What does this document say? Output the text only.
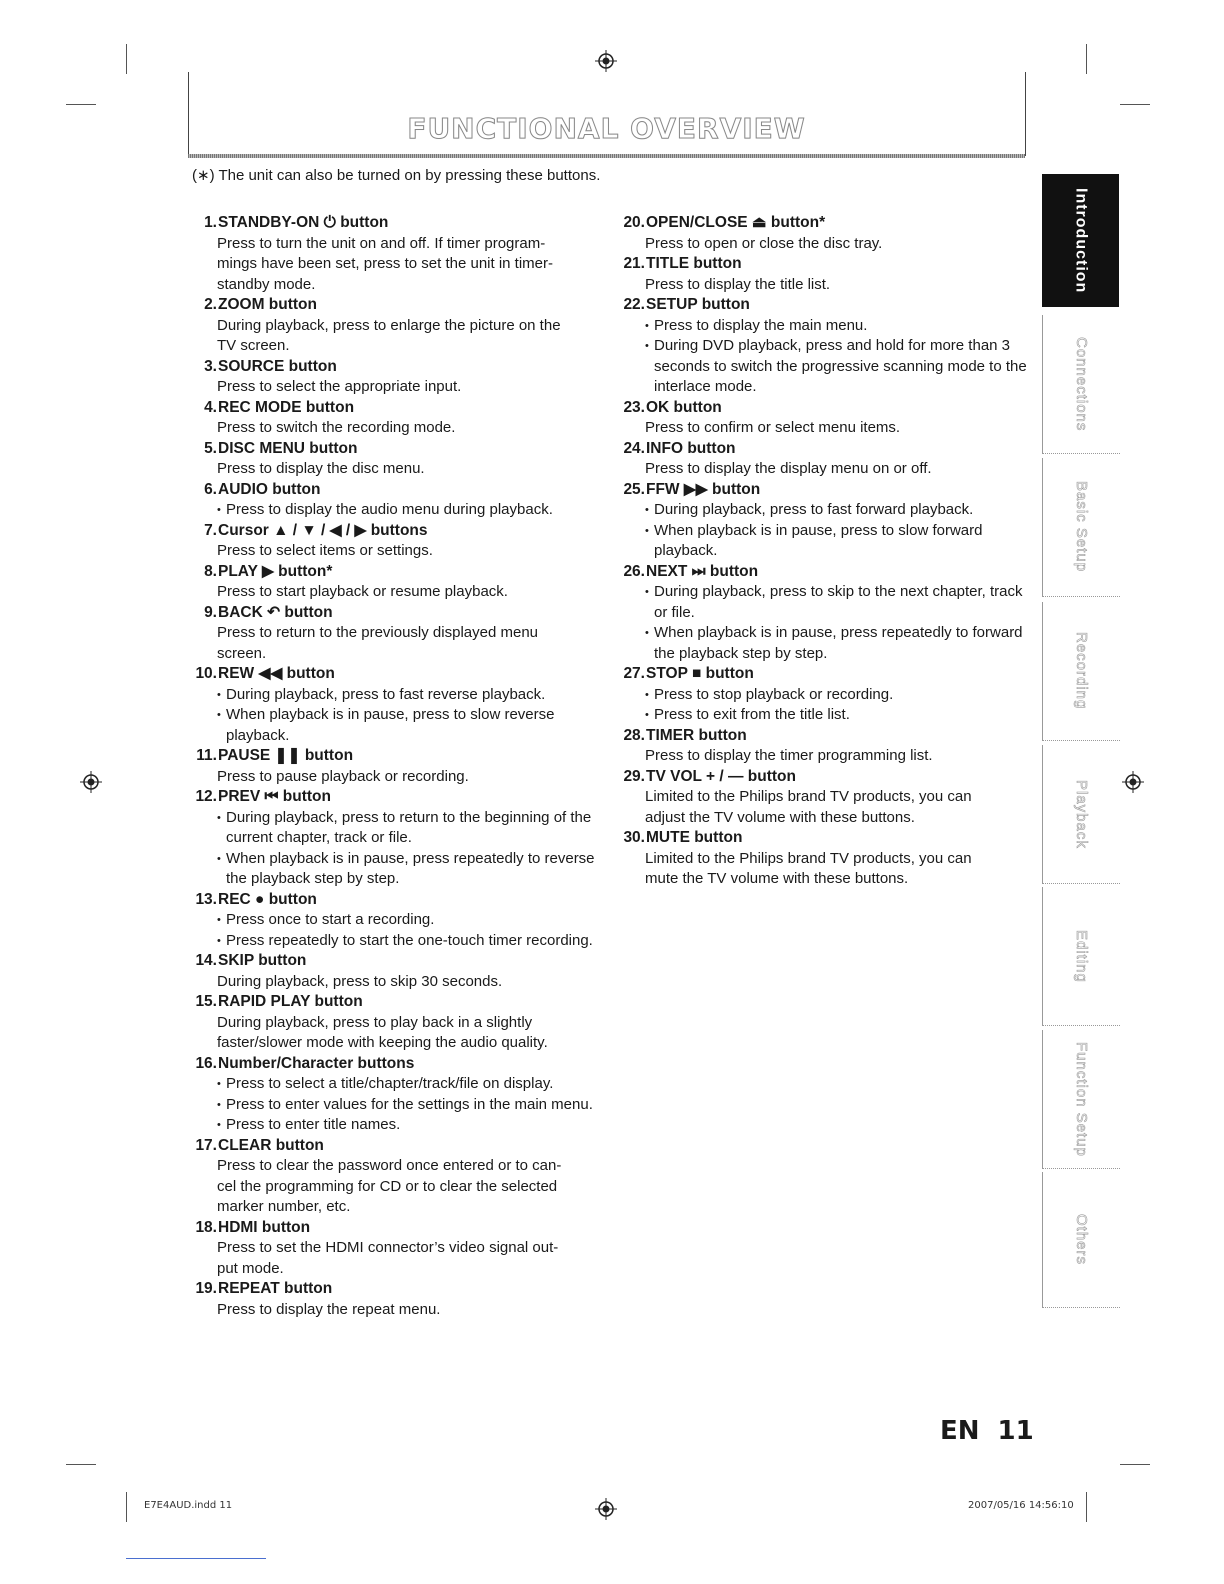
FUNCTIONAL OVERVIEW
(∗) The unit can also be turned on by pressing these buttons.
1. STANDBY-ON ⏻ button
Press to turn the unit on and off. If timer program-
mings have been set, press to set the unit in timer-
standby mode.
2. ZOOM button
During playback, press to enlarge the picture on the
TV screen.
3. SOURCE button
Press to select the appropriate input.
4. REC MODE button
Press to switch the recording mode.
5. DISC MENU button
Press to display the disc menu.
6. AUDIO button
• Press to display the audio menu during playback.
7. Cursor ▲ / ▼ / ◀ / ▶ buttons
Press to select items or settings.
8. PLAY ▶ button*
Press to start playback or resume playback.
9. BACK ↶ button
Press to return to the previously displayed menu
screen.
10. REW ◀◀ button
• During playback, press to fast reverse playback.
• When playback is in pause, press to slow reverse playback.
11. PAUSE ❚❚ button
Press to pause playback or recording.
12. PREV ⏮ button
• During playback, press to return to the beginning of the current chapter, track or file.
• When playback is in pause, press repeatedly to reverse the playback step by step.
13. REC ● button
• Press once to start a recording.
• Press repeatedly to start the one-touch timer recording.
14. SKIP button
During playback, press to skip 30 seconds.
15. RAPID PLAY button
During playback, press to play back in a slightly
faster/slower mode with keeping the audio quality.
16. Number/Character buttons
• Press to select a title/chapter/track/file on display.
• Press to enter values for the settings in the main menu.
• Press to enter title names.
17. CLEAR button
Press to clear the password once entered or to can-
cel the programming for CD or to clear the selected
marker number, etc.
18. HDMI button
Press to set the HDMI connector’s video signal out-
put mode.
19. REPEAT button
Press to display the repeat menu.
20. OPEN/CLOSE ⏏ button*
Press to open or close the disc tray.
21. TITLE button
Press to display the title list.
22. SETUP button
• Press to display the main menu.
• During DVD playback, press and hold for more than 3 seconds to switch the progressive scanning mode to the interlace mode.
23. OK button
Press to confirm or select menu items.
24. INFO button
Press to display the display menu on or off.
25. FFW ▶▶ button
• During playback, press to fast forward playback.
• When playback is in pause, press to slow forward playback.
26. NEXT ⏭ button
• During playback, press to skip to the next chapter, track or file.
• When playback is in pause, press repeatedly to forward the playback step by step.
27. STOP ■ button
• Press to stop playback or recording.
• Press to exit from the title list.
28. TIMER button
Press to display the timer programming list.
29. TV VOL + / — button
Limited to the Philips brand TV products, you can
adjust the TV volume with these buttons.
30. MUTE button
Limited to the Philips brand TV products, you can
mute the TV volume with these buttons.
Introduction
Connections
Basic Setup
Recording
Playback
Editing
Function Setup
Others
EN 11
E7E4AUD.indd 11	2007/05/16 14:56:10
